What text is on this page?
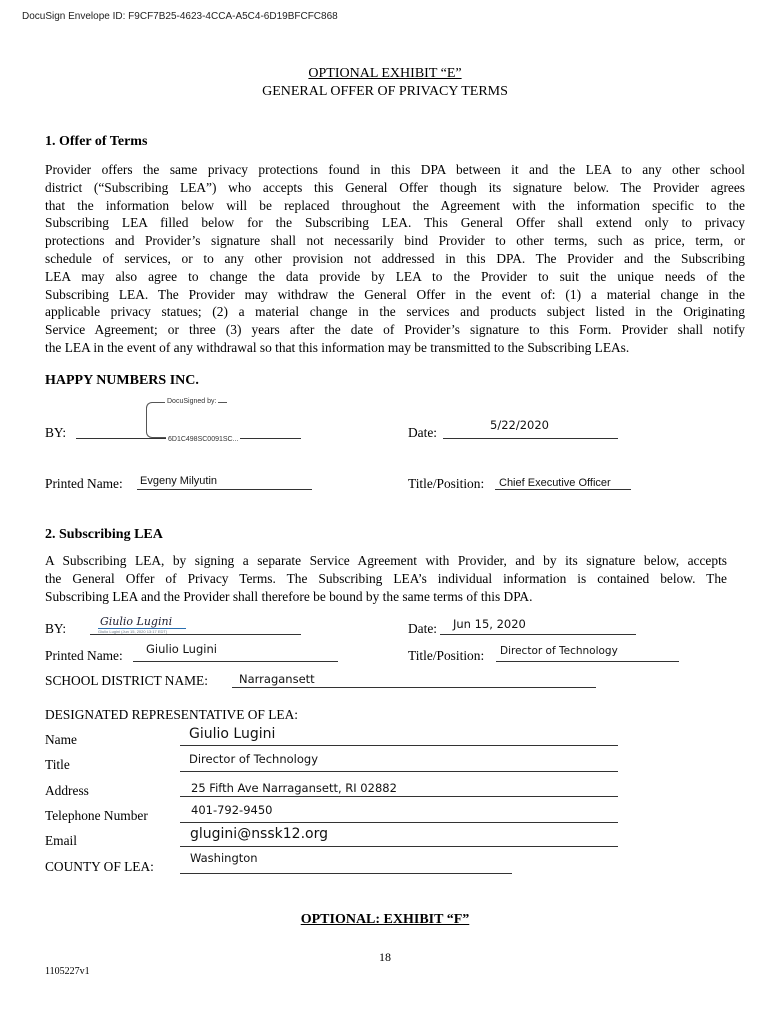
DocuSign Envelope ID: F9CF7B25-4623-4CCA-A5C4-6D19BFCFC868
OPTIONAL EXHIBIT “E”
GENERAL OFFER OF PRIVACY TERMS
1. Offer of Terms
Provider offers the same privacy protections found in this DPA between it and the LEA to any other school
district (“Subscribing LEA”) who accepts this General Offer though its signature below. The Provider agrees
that the information below will be replaced throughout the Agreement with the information specific to the
Subscribing LEA filled below for the Subscribing LEA. This General Offer shall extend only to privacy
protections and Provider’s signature shall not necessarily bind Provider to other terms, such as price, term, or
schedule of services, or to any other provision not addressed in this DPA. The Provider and the Subscribing
LEA may also agree to change the data provide by LEA to the Provider to suit the unique needs of the
Subscribing LEA. The Provider may withdraw the General Offer in the event of: (1) a material change in the
applicable privacy statues; (2) a material change in the services and products subject listed in the Originating
Service Agreement; or three (3) years after the date of Provider’s signature to this Form. Provider shall notify
the LEA in the event of any withdrawal so that this information may be transmitted to the Subscribing LEAs.
HAPPY NUMBERS INC.
BY:
DocuSigned by:
6D1C498SC0091SC...	Date:	5/22/2020
Printed Name: Evgeny Milyutin	Title/Position: Chief Executive Officer
2. Subscribing LEA
A Subscribing LEA, by signing a separate Service Agreement with Provider, and by its signature below, accepts
the General Offer of Privacy Terms. The Subscribing LEA’s individual information is contained below. The
Subscribing LEA and the Provider shall therefore be bound by the same terms of this DPA.
BY:	Giulio Lugini
Giulio Lugini (Jun 15, 2020 13:17 EDT)	Date: Jun 15, 2020
Printed Name: Giulio Lugini	Title/Position: Director of Technology
SCHOOL DISTRICT NAME:	Narragansett
DESIGNATED REPRESENTATIVE OF LEA:
Name	Giulio Lugini
Title	Director of Technology
Address	25 Fifth Ave Narragansett, RI 02882
Telephone Number	401-792-9450
Email	glugini@nssk12.org
COUNTY OF LEA:
Washington
OPTIONAL: EXHIBIT “F”
18
1105227v1
